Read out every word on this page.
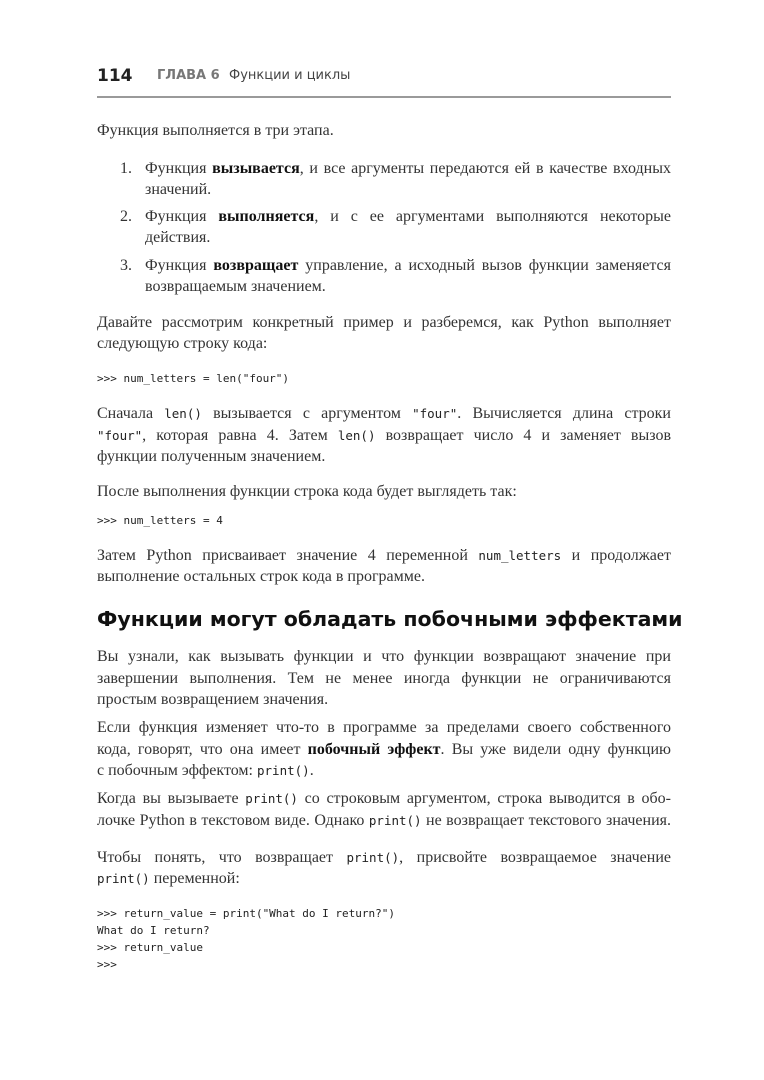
114 ГЛАВА 6 Функции и циклы
1.
2.
3.
Функции могут обладать побочными эффектами
>>> num_letters = len("four")
>>> num_letters = 4
>>> return_value = print("What do I return?")
What do I return?
>>> return_value
>>>
Функция выполняется в три этапа.
Функция вызывается, и все аргументы передаются ей в качестве входных
значений.
Функция выполняется, и с ее аргументами выполняются некоторые
действия.
Функция возвращает управление, а исходный вызов функции заменяется
возвращаемым значением.
Давайте рассмотрим конкретный пример и разберемся, как Python выполняет
следующую строку кода:
Сначала len() вызывается с аргументом "four". Вычисляется длина строки
"four", которая равна 4. Затем len() возвращает число 4 и заменяет вызов
функции полученным значением.
После выполнения функции строка кода будет выглядеть так:
Затем Python присваивает значение 4 переменной num_letters и продолжает
выполнение остальных строк кода в программе.
Вы узнали, как вызывать функции и что функции возвращают значение при
завершении выполнения. Тем не менее иногда функции не ограничиваются
простым возвращением значения.
Если функция изменяет что-то в программе за пределами своего собственного
кода, говорят, что она имеет побочный эффект. Вы уже видели одну функцию
с побочным эффектом: print().
Когда вы вызываете print() со строковым аргументом, строка выводится в обо-
лочке Python в текстовом виде. Однако print() не возвращает текстового значения.
Чтобы понять, что возвращает print(), присвойте возвращаемое значение
print() переменной:
